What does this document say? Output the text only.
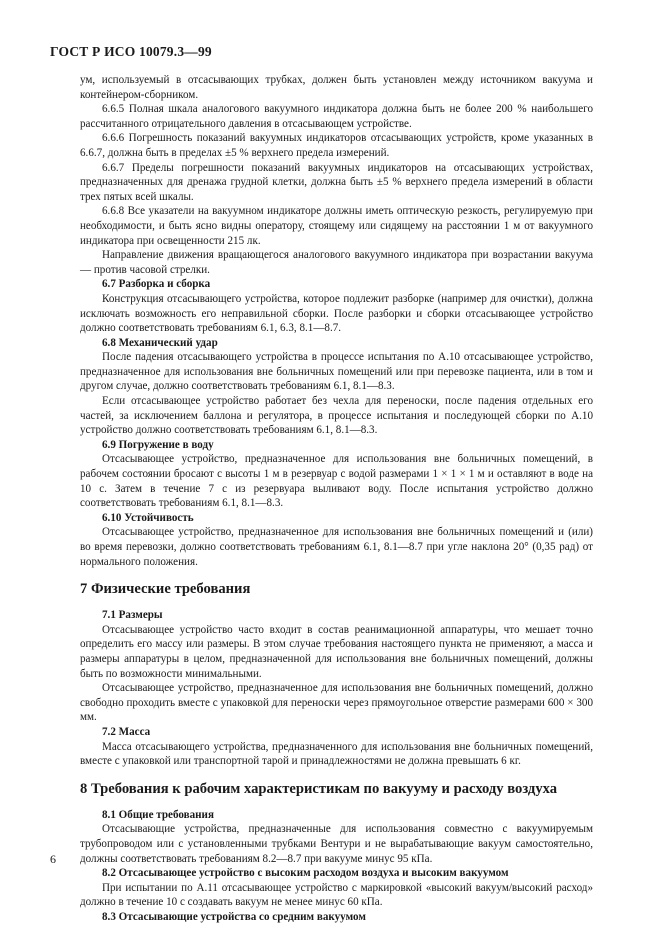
ГОСТ Р ИСО 10079.3—99

ум, используемый в отсасывающих трубках, должен быть установлен между источником вакуума и контейнером-сборником.

6.6.5 Полная шкала аналогового вакуумного индикатора должна быть не более 200 % наибольшего рассчитанного отрицательного давления в отсасывающем устройстве.

6.6.6 Погрешность показаний вакуумных индикаторов отсасывающих устройств, кроме указанных в 6.6.7, должна быть в пределах ±5 % верхнего предела измерений.

6.6.7 Пределы погрешности показаний вакуумных индикаторов на отсасывающих устройствах, предназначенных для дренажа грудной клетки, должна быть ±5 % верхнего предела измерений в области трех пятых всей шкалы.

6.6.8 Все указатели на вакуумном индикаторе должны иметь оптическую резкость, регулируемую при необходимости, и быть ясно видны оператору, стоящему или сидящему на расстоянии 1 м от вакуумного индикатора при освещенности 215 лк.

Направление движения вращающегося аналогового вакуумного индикатора при возрастании вакуума — против часовой стрелки.

6.7 Разборка и сборка

Конструкция отсасывающего устройства, которое подлежит разборке (например для очистки), должна исключать возможность его неправильной сборки. После разборки и сборки отсасывающее устройство должно соответствовать требованиям 6.1, 6.3, 8.1—8.7.

6.8 Механический удар

После падения отсасывающего устройства в процессе испытания по А.10 отсасывающее устройство, предназначенное для использования вне больничных помещений или при перевозке пациента, или в том и другом случае, должно соответствовать требованиям 6.1, 8.1—8.3.

Если отсасывающее устройство работает без чехла для переноски, после падения отдельных его частей, за исключением баллона и регулятора, в процессе испытания и последующей сборки по А.10 устройство должно соответствовать требованиям 6.1, 8.1—8.3.

6.9 Погружение в воду

Отсасывающее устройство, предназначенное для использования вне больничных помещений, в рабочем состоянии бросают с высоты 1 м в резервуар с водой размерами 1 × 1 × 1 м и оставляют в воде на 10 с. Затем в течение 7 с из резервуара выливают воду. После испытания устройство должно соответствовать требованиям 6.1, 8.1—8.3.

6.10 Устойчивость

Отсасывающее устройство, предназначенное для использования вне больничных помещений и (или) во время перевозки, должно соответствовать требованиям 6.1, 8.1—8.7 при угле наклона 20° (0,35 рад) от нормального положения.

7 Физические требования

7.1 Размеры

Отсасывающее устройство часто входит в состав реанимационной аппаратуры, что мешает точно определить его массу или размеры. В этом случае требования настоящего пункта не применяют, а масса и размеры аппаратуры в целом, предназначенной для использования вне больничных помещений, должны быть по возможности минимальными.

Отсасывающее устройство, предназначенное для использования вне больничных помещений, должно свободно проходить вместе с упаковкой для переноски через прямоугольное отверстие размерами 600 × 300 мм.

7.2 Масса

Масса отсасывающего устройства, предназначенного для использования вне больничных помещений, вместе с упаковкой или транспортной тарой и принадлежностями не должна превышать 6 кг.

8 Требования к рабочим характеристикам по вакууму и расходу воздуха

8.1 Общие требования

Отсасывающие устройства, предназначенные для использования совместно с вакуумируемым трубопроводом или с установленными трубками Вентури и не вырабатывающие вакуум самостоятельно, должны соответствовать требованиям 8.2—8.7 при вакууме минус 95 кПа.

8.2 Отсасывающее устройство с высоким расходом воздуха и высоким вакуумом

При испытании по А.11 отсасывающее устройство с маркировкой «высокий вакуум/высокий расход» должно в течение 10 с создавать вакуум не менее минус 60 кПа.

8.3 Отсасывающие устройства со средним вакуумом

6
